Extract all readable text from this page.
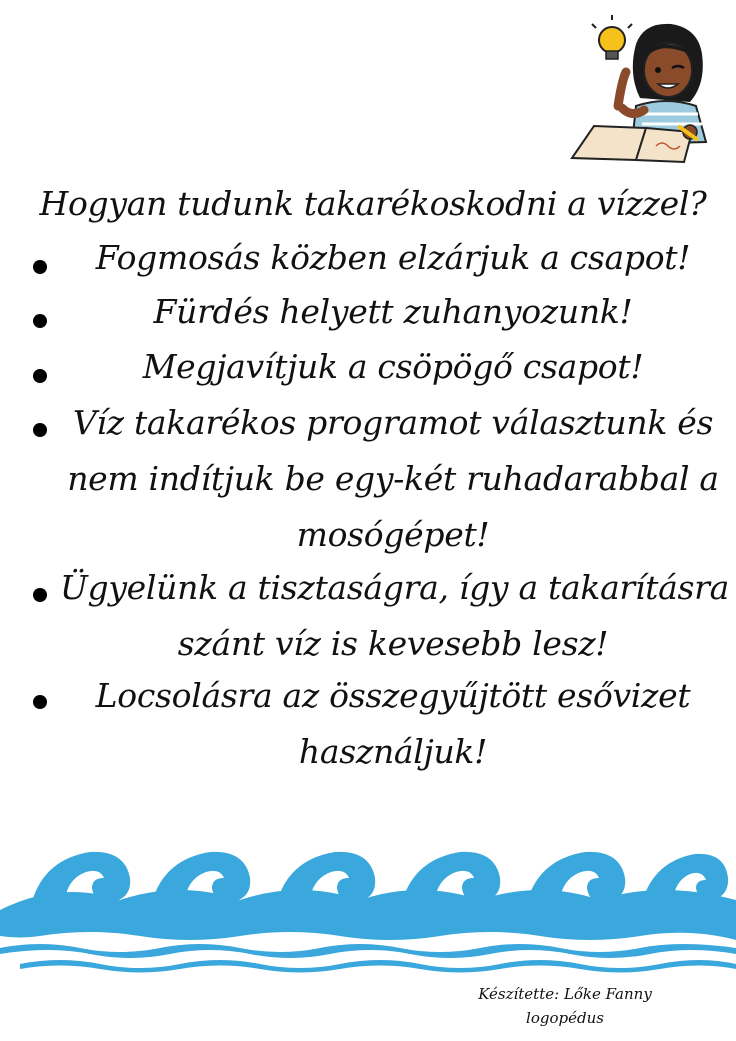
Hogyan tudunk takarékoskodni a vízzel?
Fogmosás közben elzárjuk a csapot!
Fürdés helyett zuhanyozunk!
Megjavítjuk a csöpögő csapot!
Víz takarékos programot választunk és
nem indítjuk be egy-két ruhadarabbal a
mosógépet!
Ügyelünk a tisztaságra, így a takarításra
szánt víz is kevesebb lesz!
Locsolásra az összegyűjtött esővizet
használjuk!
Készítette: Lőke Fanny
logopédus
